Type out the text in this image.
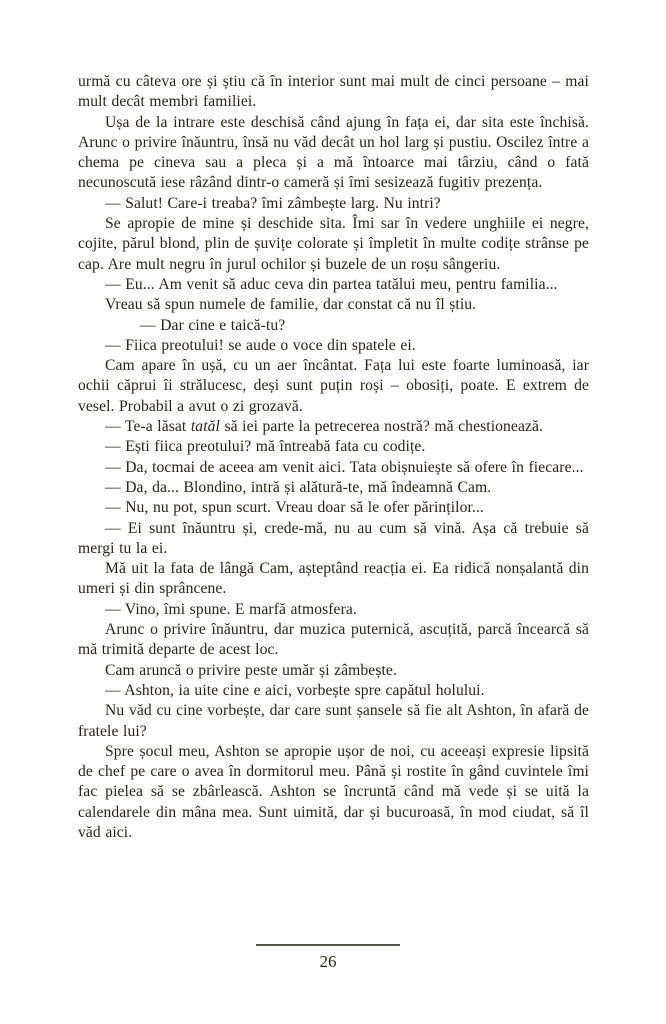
urmă cu câteva ore și știu că în interior sunt mai mult de cinci persoane – mai mult decât membri familiei.

Ușa de la intrare este deschisă când ajung în fața ei, dar sita este închisă. Arunc o privire înăuntru, însă nu văd decât un hol larg și pustiu. Oscilez între a chema pe cineva sau a pleca și a mă întoarce mai târziu, când o fată necunoscută iese râzând dintr-o cameră și îmi sesizează fugitiv prezența.

— Salut! Care-i treaba? îmi zâmbește larg. Nu intri?

Se apropie de mine și deschide sita. Îmi sar în vedere unghiile ei negre, cojite, părul blond, plin de șuvițe colorate și împletit în multe codițe strânse pe cap. Are mult negru în jurul ochilor și buzele de un roșu sângeriu.

— Eu... Am venit să aduc ceva din partea tatălui meu, pentru familia...

Vreau să spun numele de familie, dar constat că nu îl știu.

— Dar cine e taică-tu?

— Fiica preotului! se aude o voce din spatele ei.

Cam apare în ușă, cu un aer încântat. Fața lui este foarte luminoasă, iar ochii căprui îi strălucesc, deși sunt puțin roși – obosiți, poate. E extrem de vesel. Probabil a avut o zi grozavă.

— Te-a lăsat tatăl să iei parte la petrecerea nostră? mă chestionează.

— Ești fiica preotului? mă întreabă fata cu codițe.

— Da, tocmai de aceea am venit aici. Tata obișnuiește să ofere în fiecare...

— Da, da... Blondino, intră și alătură-te, mă îndeamnă Cam.

— Nu, nu pot, spun scurt. Vreau doar să le ofer părinților...

— Ei sunt înăuntru și, crede-mă, nu au cum să vină. Așa că trebuie să mergi tu la ei.

Mă uit la fata de lângă Cam, așteptând reacția ei. Ea ridică nonșalantă din umeri și din sprâncene.

— Vino, îmi spune. E marfă atmosfera.

Arunc o privire înăuntru, dar muzica puternică, ascuțită, parcă încearcă să mă trimită departe de acest loc.

Cam aruncă o privire peste umăr și zâmbește.

— Ashton, ia uite cine e aici, vorbește spre capătul holului.

Nu văd cu cine vorbește, dar care sunt șansele să fie alt Ashton, în afară de fratele lui?

Spre șocul meu, Ashton se apropie ușor de noi, cu aceeași expresie lipsită de chef pe care o avea în dormitorul meu. Până și rostite în gând cuvintele îmi fac pielea să se zbârlească. Ashton se încruntă când mă vede și se uită la calendarele din mâna mea. Sunt uimită, dar și bucuroasă, în mod ciudat, să îl văd aici.

26
